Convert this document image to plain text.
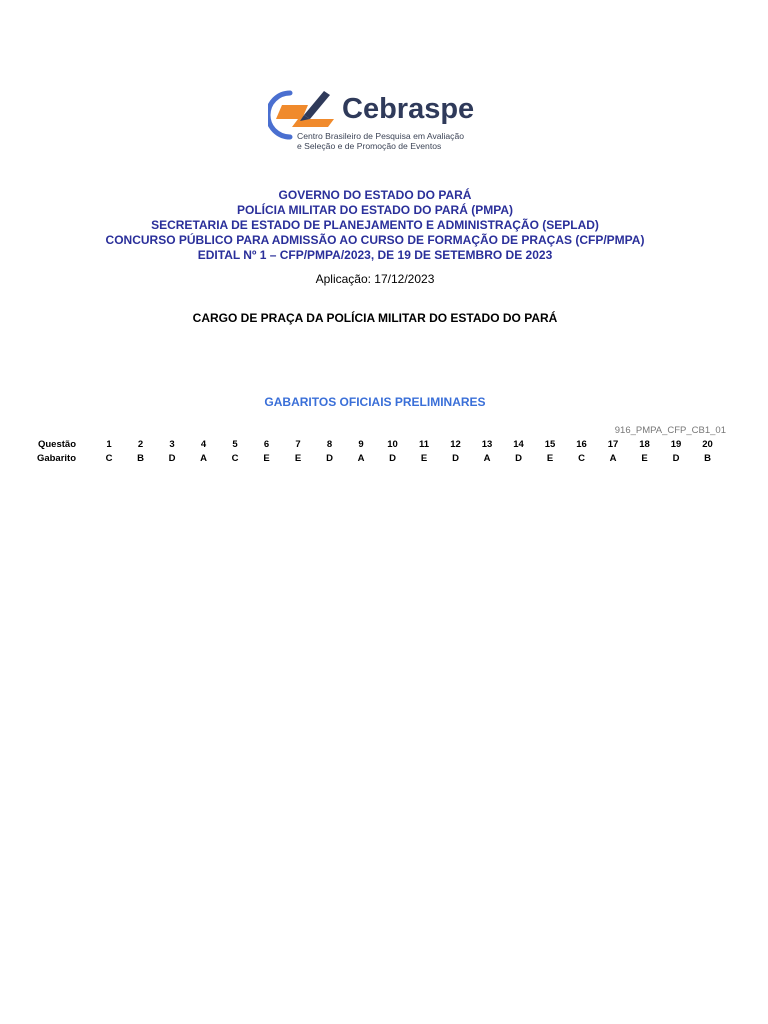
Cebraspe
Centro Brasileiro de Pesquisa em Avaliação
e Seleção e de Promoção de Eventos
GOVERNO DO ESTADO DO PARÁ
POLÍCIA MILITAR DO ESTADO DO PARÁ (PMPA)
SECRETARIA DE ESTADO DE PLANEJAMENTO E ADMINISTRAÇÃO (SEPLAD)
CONCURSO PÚBLICO PARA ADMISSÃO AO CURSO DE FORMAÇÃO DE PRAÇAS (CFP/PMPA)
EDITAL Nº 1 – CFP/PMPA/2023, DE 19 DE SETEMBRO DE 2023
Aplicação: 17/12/2023
CARGO DE PRAÇA DA POLÍCIA MILITAR DO ESTADO DO PARÁ
GABARITOS OFICIAIS PRELIMINARES
916_PMPA_CFP_CB1_01
Questão	1	2	3	4	5	6	7	8	9	10	11	12	13	14	15	16	17	18	19	20
Gabarito	C	B	D	A	C	E	E	D	A	D	E	D	A	D	E	C	A	E	D	B
